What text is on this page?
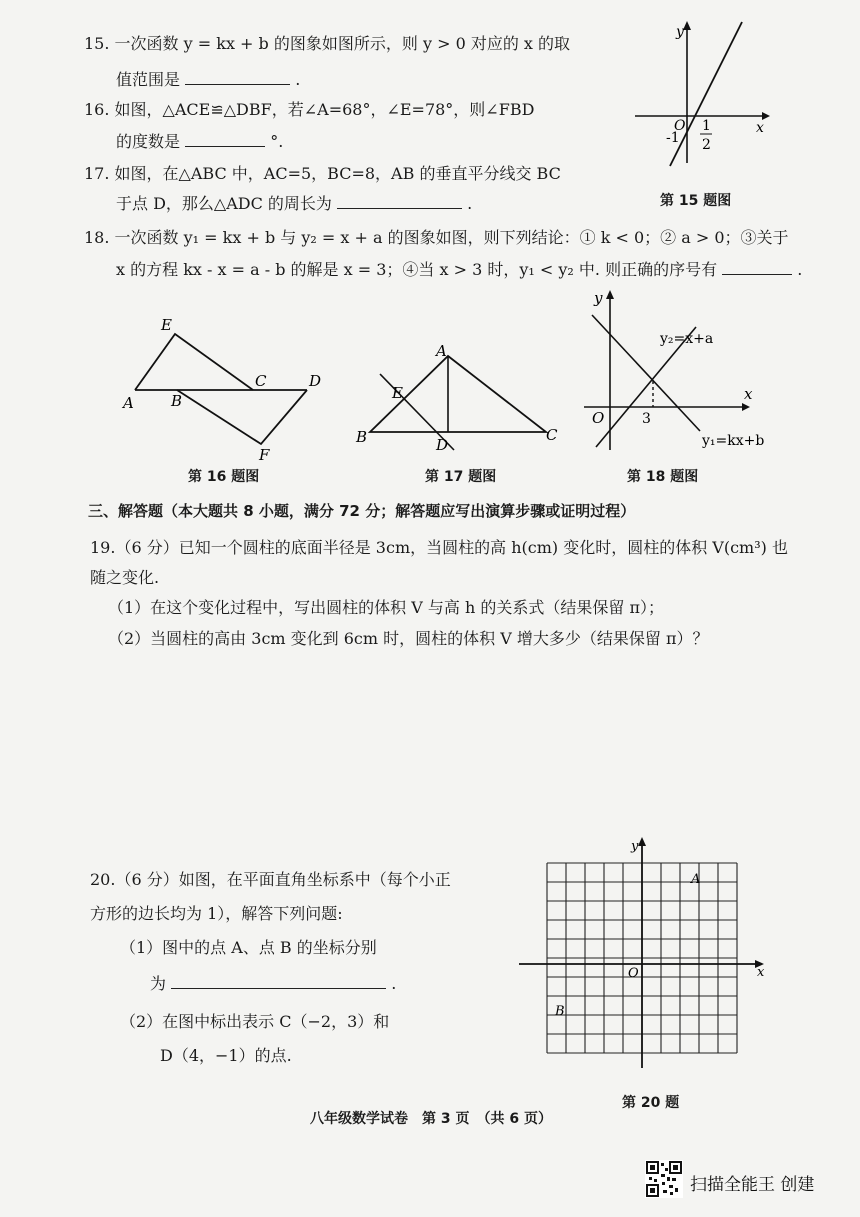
15. 一次函数 y = kx + b 的图象如图所示，则 y > 0 对应的 x 的取
值范围是	.
16. 如图，△ACE≌△DBF，若∠A=68°，∠E=78°，则∠FBD
的度数是	°.
17. 如图，在△ABC 中，AC=5，BC=8，AB 的垂直平分线交 BC
于点 D，那么△ADC 的周长为	.
y
x
O
-1
1
2
第 15 题图
18. 一次函数 y₁ = kx + b 与 y₂ = x + a 的图象如图，则下列结论：① k < 0；② a > 0；③关于
x 的方程 kx - x = a - b 的解是 x = 3；④当 x > 3 时，y₁ < y₂ 中. 则正确的序号有	.
E
A B
C	D
F
第 16 题图
A
E
B	D
C
第 17 题图
y
x
O	3
y₂=x+a
y₁=kx+b
第 18 题图
三、解答题（本大题共 8 小题，满分 72 分；解答题应写出演算步骤或证明过程）
19.（6 分）已知一个圆柱的底面半径是 3cm，当圆柱的高 h(cm) 变化时，圆柱的体积 V(cm³) 也
随之变化.
（1）在这个变化过程中，写出圆柱的体积 V 与高 h 的关系式（结果保留 π）；
（2）当圆柱的高由 3cm 变化到 6cm 时，圆柱的体积 V 增大多少（结果保留 π）？
20.（6 分）如图，在平面直角坐标系中（每个小正
方形的边长均为 1），解答下列问题:
（1）图中的点 A、点 B 的坐标分别
为	.
（2）在图中标出表示 C（−2，3）和
D（4，−1）的点.
y
x
O
A
B
第 20 题
八年级数学试卷　第 3 页　（共 6 页）
扫描全能王 创建
